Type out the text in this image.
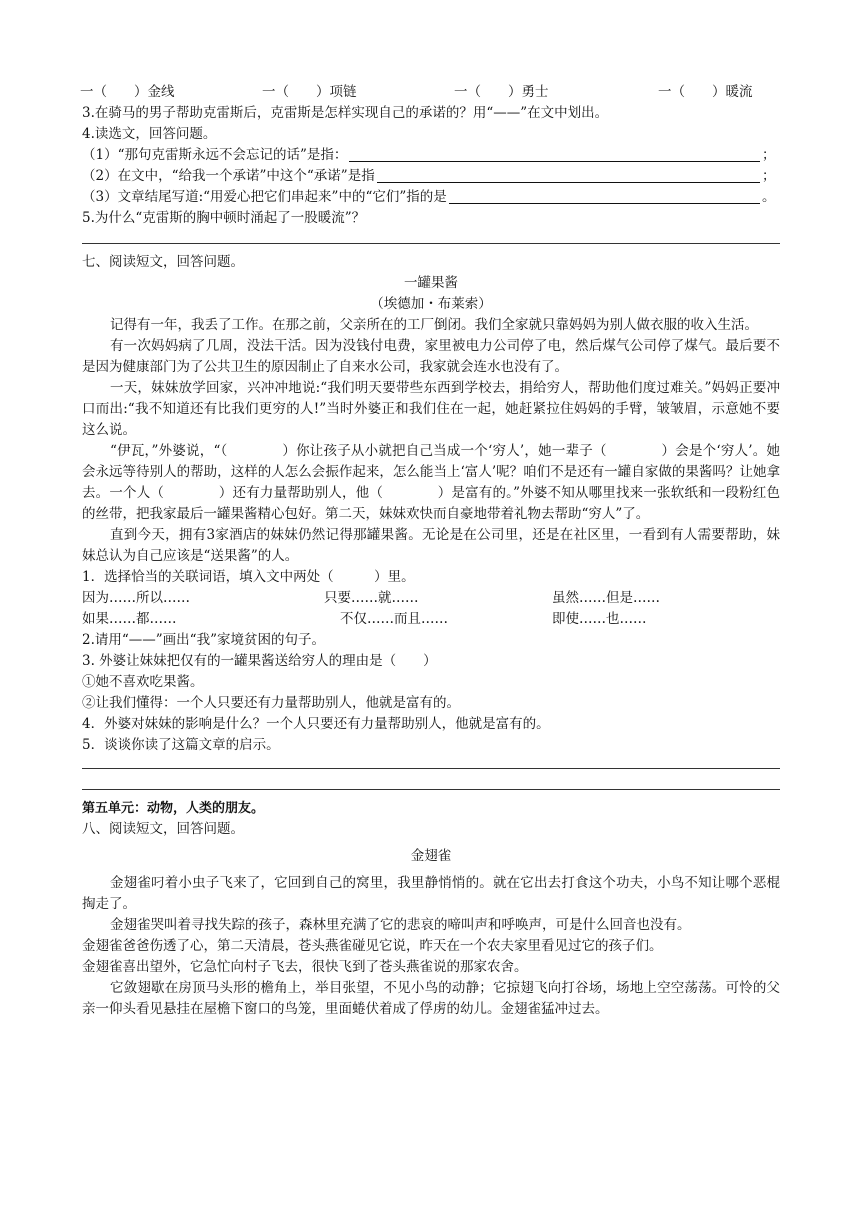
一（　　）金线	一（　　）项链	一（　　）勇士	一（　　）暖流
3.在骑马的男子帮助克雷斯后，克雷斯是怎样实现自己的承诺的？用“——”在文中划出。
4.读选文，回答问题。
（1）“那句克雷斯永远不会忘记的话”是指：	；
（2）在文中，“给我一个承诺”中这个“承诺”是指	；
（3）文章结尾写道:“用爱心把它们串起来”中的“它们”指的是	。
5.为什么“克雷斯的胸中顿时涌起了一股暖流”？
七、阅读短文，回答问题。
一罐果酱
（埃德加・布莱索）
记得有一年，我丢了工作。在那之前，父亲所在的工厂倒闭。我们全家就只靠妈妈为别人做衣服的收入生活。
有一次妈妈病了几周，没法干活。因为没钱付电费，家里被电力公司停了电，然后煤气公司停了煤气。最后要不是因为健康部门为了公共卫生的原因制止了自来水公司，我家就会连水也没有了。
一天，妹妹放学回家，兴冲冲地说:“我们明天要带些东西到学校去，捐给穷人，帮助他们度过难关。”妈妈正要冲口而出:“我不知道还有比我们更穷的人!”当时外婆正和我们住在一起，她赶紧拉住妈妈的手臂，皱皱眉，示意她不要这么说。
“伊瓦，”外婆说，“（　　　　）你让孩子从小就把自己当成一个‘穷人’，她一辈子（　　　　）会是个‘穷人’。她会永远等待别人的帮助，这样的人怎么会振作起来，怎么能当上‘富人’呢？咱们不是还有一罐自家做的果酱吗？让她拿去。一个人（　　　　）还有力量帮助别人，他（　　　　）是富有的。”外婆不知从哪里找来一张软纸和一段粉红色的丝带，把我家最后一罐果酱精心包好。第二天，妹妹欢快而自豪地带着礼物去帮助“穷人”了。
直到今天，拥有3家酒店的妹妹仍然记得那罐果酱。无论是在公司里，还是在社区里，一看到有人需要帮助，妹妹总认为自己应该是“送果酱”的人。
1．选择恰当的关联词语，填入文中两处（　　　）里。
因为……所以……	只要……就……	虽然……但是……
如果……都……	不仅……而且……	即使……也……
2.请用“——”画出“我”家境贫困的句子。
3. 外婆让妹妹把仅有的一罐果酱送给穷人的理由是（　　）
①她不喜欢吃果酱。
②让我们懂得：一个人只要还有力量帮助别人，他就是富有的。
4．外婆对妹妹的影响是什么？一个人只要还有力量帮助别人，他就是富有的。
5．谈谈你读了这篇文章的启示。
第五单元：动物，人类的朋友。
八、阅读短文，回答问题。
金翅雀
金翅雀叼着小虫子飞来了，它回到自己的窝里，我里静悄悄的。就在它出去打食这个功夫，小鸟不知让哪个恶棍掏走了。
金翅雀哭叫着寻找失踪的孩子，森林里充满了它的悲哀的啼叫声和呼唤声，可是什么回音也没有。
金翅雀爸爸伤透了心，第二天清晨，苍头燕雀碰见它说，昨天在一个农夫家里看见过它的孩子们。
金翅雀喜出望外，它急忙向村子飞去，很快飞到了苍头燕雀说的那家农舍。
它敛翅歇在房顶马头形的檐角上，举目张望，不见小鸟的动静；它掠翅飞向打谷场，场地上空空荡荡。可怜的父亲一仰头看见悬挂在屋檐下窗口的鸟笼，里面蜷伏着成了俘虏的幼儿。金翅雀猛冲过去。
